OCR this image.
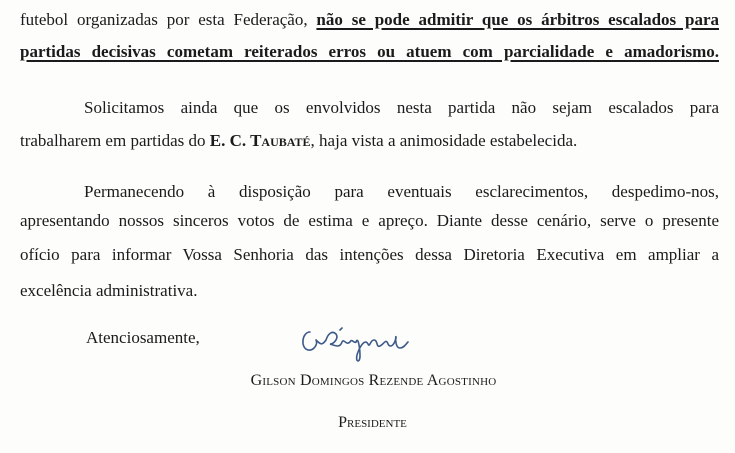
futebol organizadas por esta Federação, não se pode admitir que os árbitros escalados para
partidas decisivas cometam reiterados erros ou atuem com parcialidade e amadorismo.
Solicitamos ainda que os envolvidos nesta partida não sejam escalados para
trabalharem em partidas do E. C. Taubaté, haja vista a animosidade estabelecida.
Permanecendo à disposição para eventuais esclarecimentos, despedimo-nos,
apresentando nossos sinceros votos de estima e apreço. Diante desse cenário, serve o presente
ofício para informar Vossa Senhoria das intenções dessa Diretoria Executiva em ampliar a
excelência administrativa.
Atenciosamente,
Gilson Domingos Rezende Agostinho
Presidente
